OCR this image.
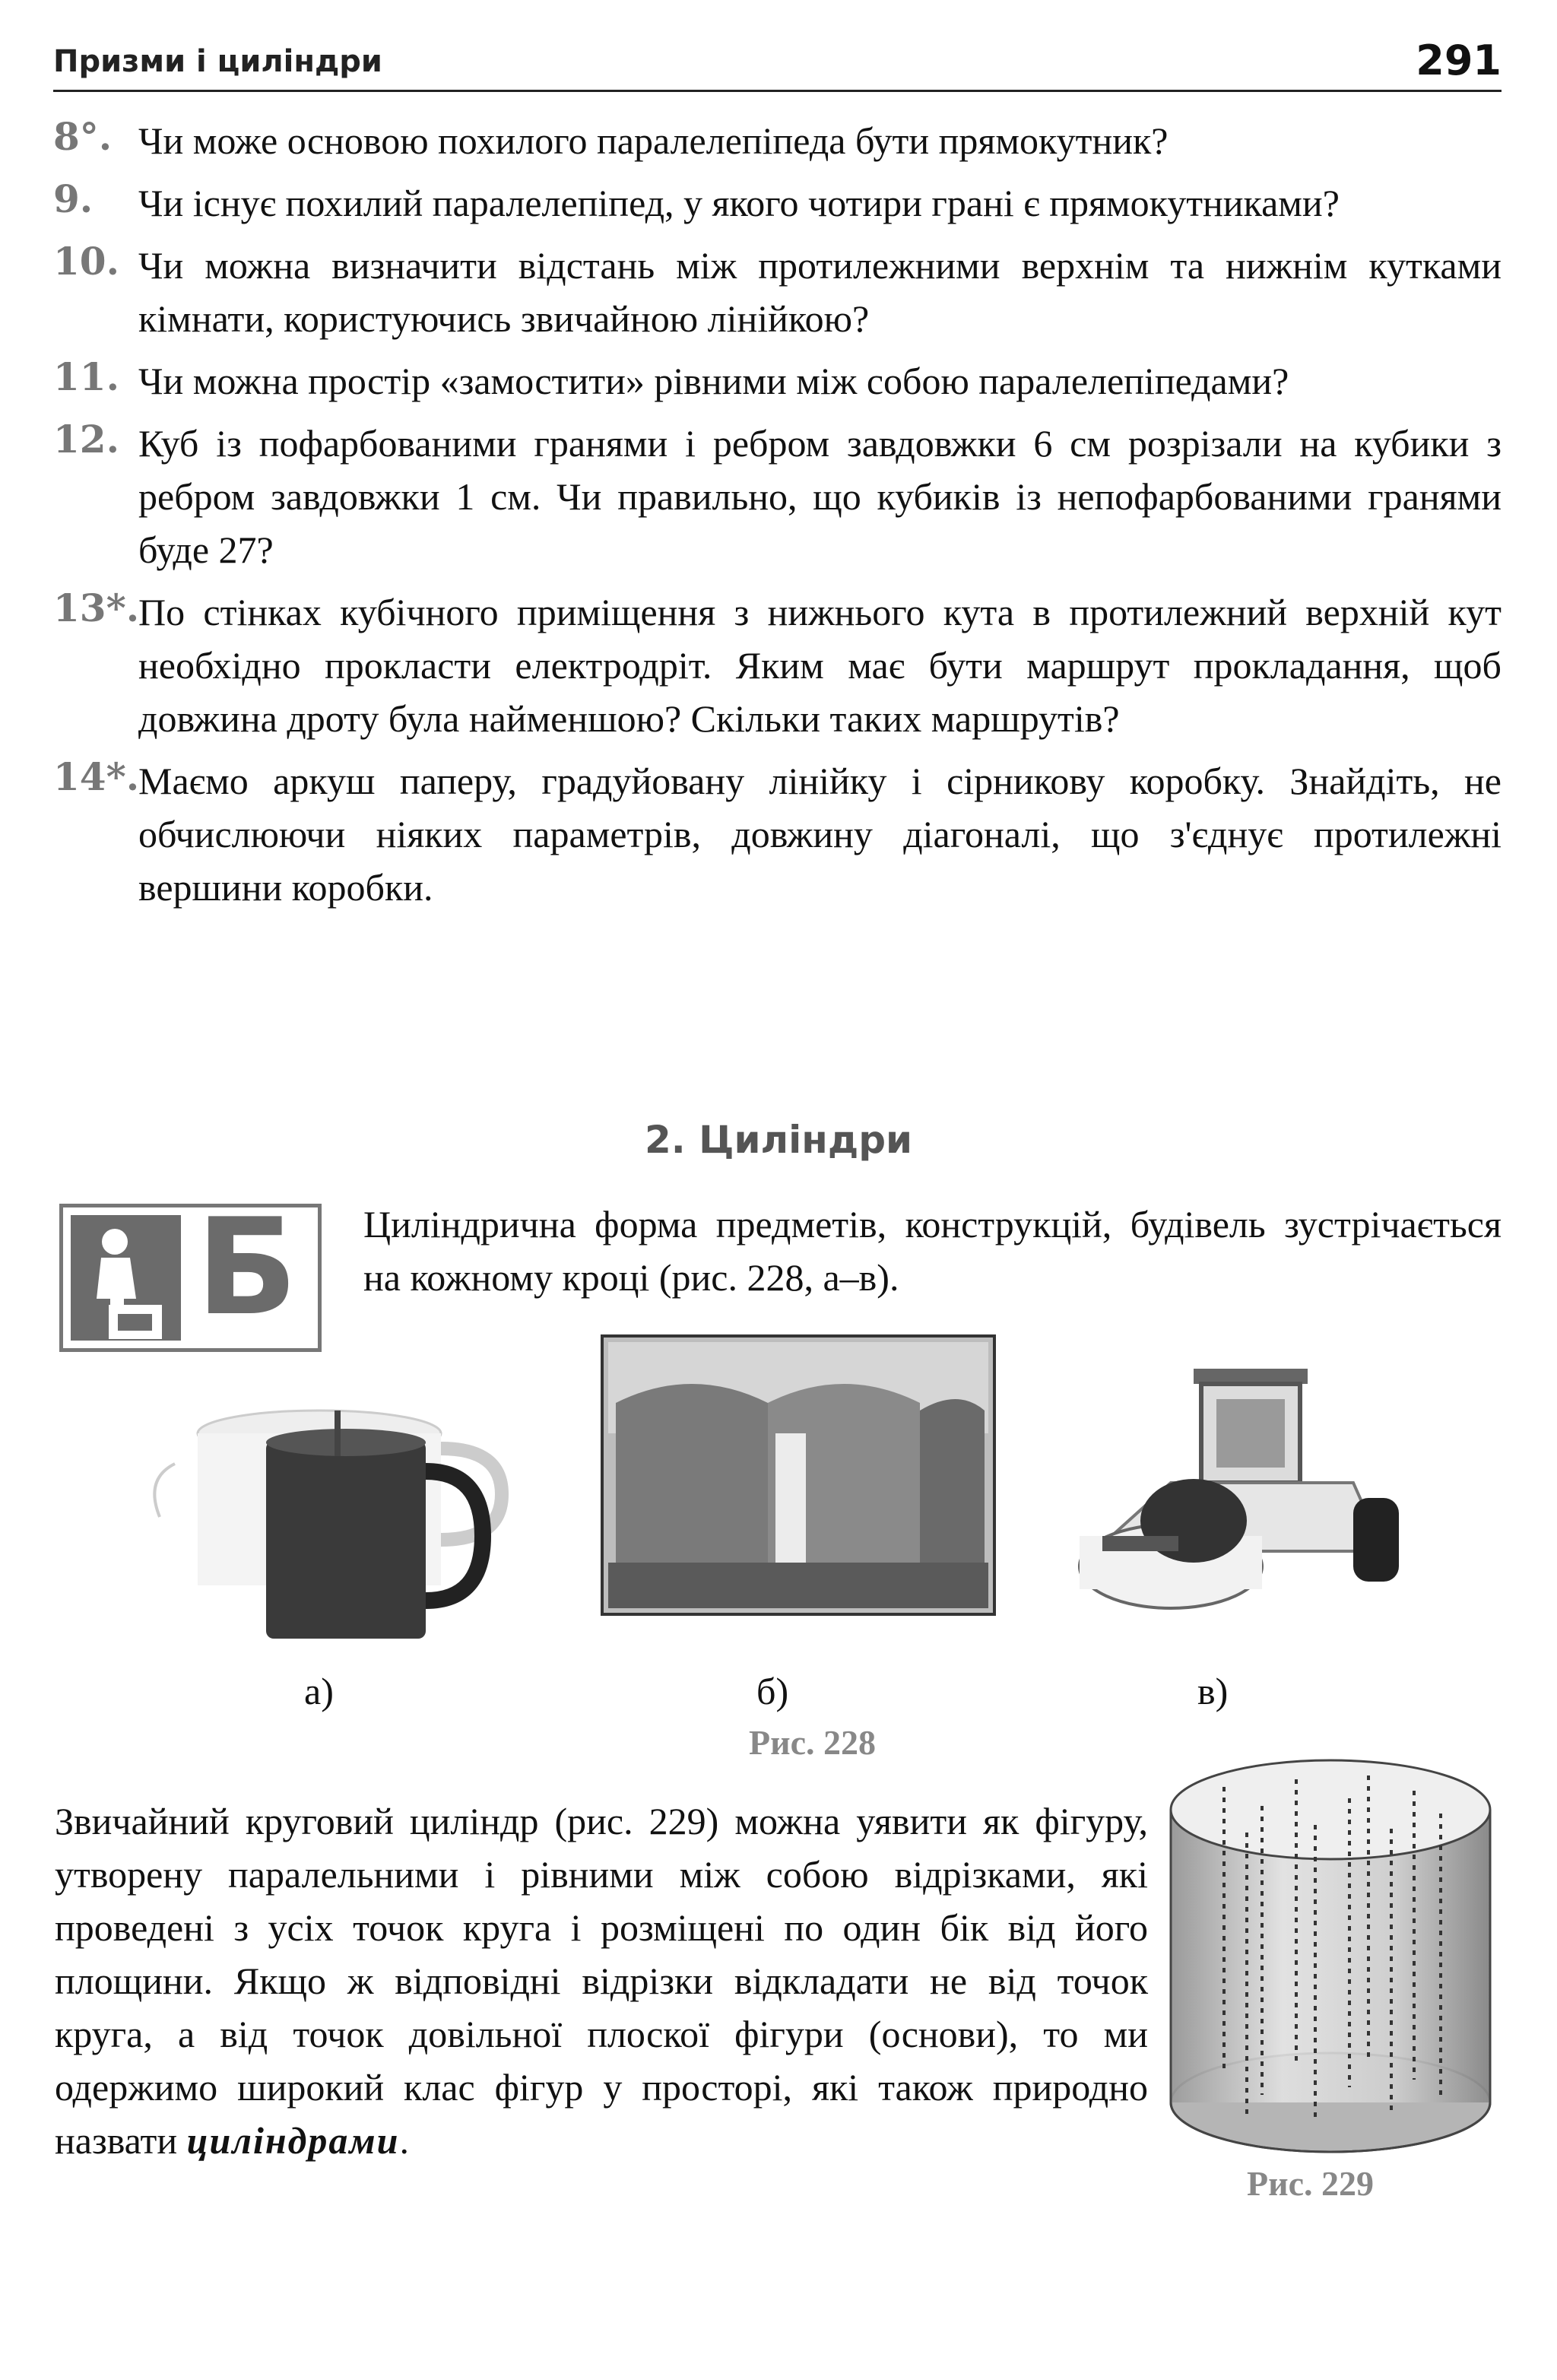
Призми і циліндри	291
8°. Чи може основою похилого паралелепіпеда бути прямокутник?
9. Чи існує похилий паралелепіпед, у якого чотири грані є прямокутниками?
10. Чи можна визначити відстань між протилежними верхнім та нижнім кутками кімнати, користуючись звичайною лінійкою?
11. Чи можна простір «замостити» рівними між собою паралелепіпедами?
12. Куб із пофарбованими гранями і ребром завдовжки 6 см розрізали на кубики з ребром завдовжки 1 см. Чи правильно, що кубиків із непофарбованими гранями буде 27?
13*.
По стінках кубічного приміщення з нижнього кута в протилежний верхній кут необхідно прокласти електродріт. Яким має бути маршрут прокладання, щоб довжина дроту була найменшою? Скільки таких маршрутів?
14*.
Маємо аркуш паперу, градуйовану лінійку і сірникову коробку. Знайдіть, не обчислюючи ніяких параметрів, довжину діагоналі, що з'єднує протилежні вершини коробки.
2. Циліндри
Б Циліндрична форма предметів, конструкцій, будівель зустрічається на кожному кроці (рис. 228, а–в).
а)	б)	в)
Рис. 228
Звичайний круговий циліндр (рис. 229) можна уявити як фігуру, утворену паралельними і рівними між собою відрізками, які проведені з усіх точок круга і розміщені по один бік від його площини. Якщо ж відповідні відрізки відкладати не від точок круга, а від точок довільної плоскої фігури (основи), то ми одержимо широкий клас фігур у просторі, які також природно назвати циліндрами.
Рис. 229
